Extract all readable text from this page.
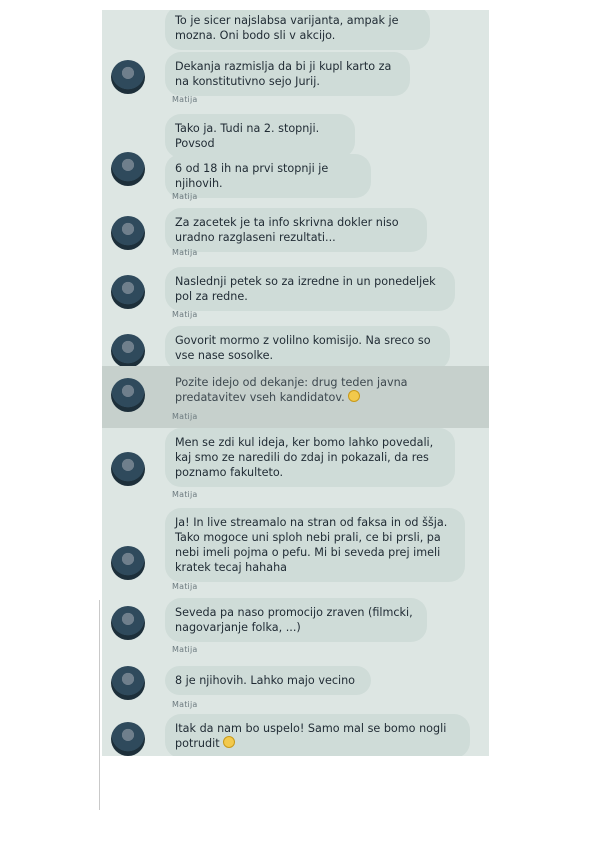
To je sicer najslabsa varijanta, ampak je mozna. Oni bodo sli v akcijo.
Dekanja razmislja da bi ji kupl karto za na konstitutivno sejo Jurij.
Matija
Tako ja. Tudi na 2. stopnji. Povsod
6 od 18 ih na prvi stopnji je njihovih.
Matija
Za zacetek je ta info skrivna dokler niso uradno razglaseni rezultati...
Matija
Naslednji petek so za izredne in un ponedeljek pol za redne.
Matija
Govorit mormo z volilno komisijo. Na sreco so vse nase sosolke.
Pozite idejo od dekanje: drug teden javna predatavitev vseh kandidatov.
Matija
Men se zdi kul ideja, ker bomo lahko povedali, kaj smo ze naredili do zdaj in pokazali, da res poznamo fakulteto.
Matija
Ja! In live streamalo na stran od faksa in od ššja. Tako mogoce uni sploh nebi prali, ce bi prsli, pa nebi imeli pojma o pefu. Mi bi seveda prej imeli kratek tecaj hahaha
Matija
Seveda pa naso promocijo zraven (filmcki, nagovarjanje folka, ...)
Matija
8 je njihovih. Lahko majo vecino
Matija
Itak da nam bo uspelo! Samo mal se bomo nogli potrudit
